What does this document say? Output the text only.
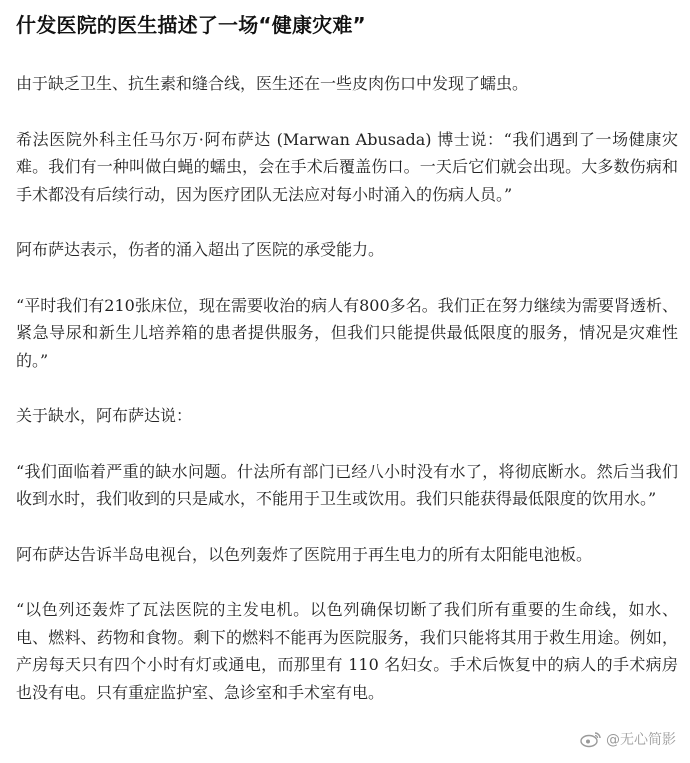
什发医院的医生描述了一场“健康灾难”

由于缺乏卫生、抗生素和缝合线，医生还在一些皮肉伤口中发现了蠕虫。

希法医院外科主任马尔万·阿布萨达 (Marwan Abusada) 博士说：“我们遇到了一场健康灾难。我们有一种叫做白蝇的蠕虫，会在手术后覆盖伤口。一天后它们就会出现。大多数伤病和手术都没有后续行动，因为医疗团队无法应对每小时涌入的伤病人员。”

阿布萨达表示，伤者的涌入超出了医院的承受能力。

“平时我们有210张床位，现在需要收治的病人有800多名。我们正在努力继续为需要肾透析、紧急导尿和新生儿培养箱的患者提供服务，但我们只能提供最低限度的服务，情况是灾难性的。”

关于缺水，阿布萨达说：

“我们面临着严重的缺水问题。什法所有部门已经八小时没有水了，将彻底断水。然后当我们收到水时，我们收到的只是咸水，不能用于卫生或饮用。我们只能获得最低限度的饮用水。”

阿布萨达告诉半岛电视台，以色列轰炸了医院用于再生电力的所有太阳能电池板。

“以色列还轰炸了瓦法医院的主发电机。以色列确保切断了我们所有重要的生命线，如水、电、燃料、药物和食物。剩下的燃料不能再为医院服务，我们只能将其用于救生用途。例如，产房每天只有四个小时有灯或通电，而那里有 110 名妇女。手术后恢复中的病人的手术病房也没有电。只有重症监护室、急诊室和手术室有电。

@无心简影
